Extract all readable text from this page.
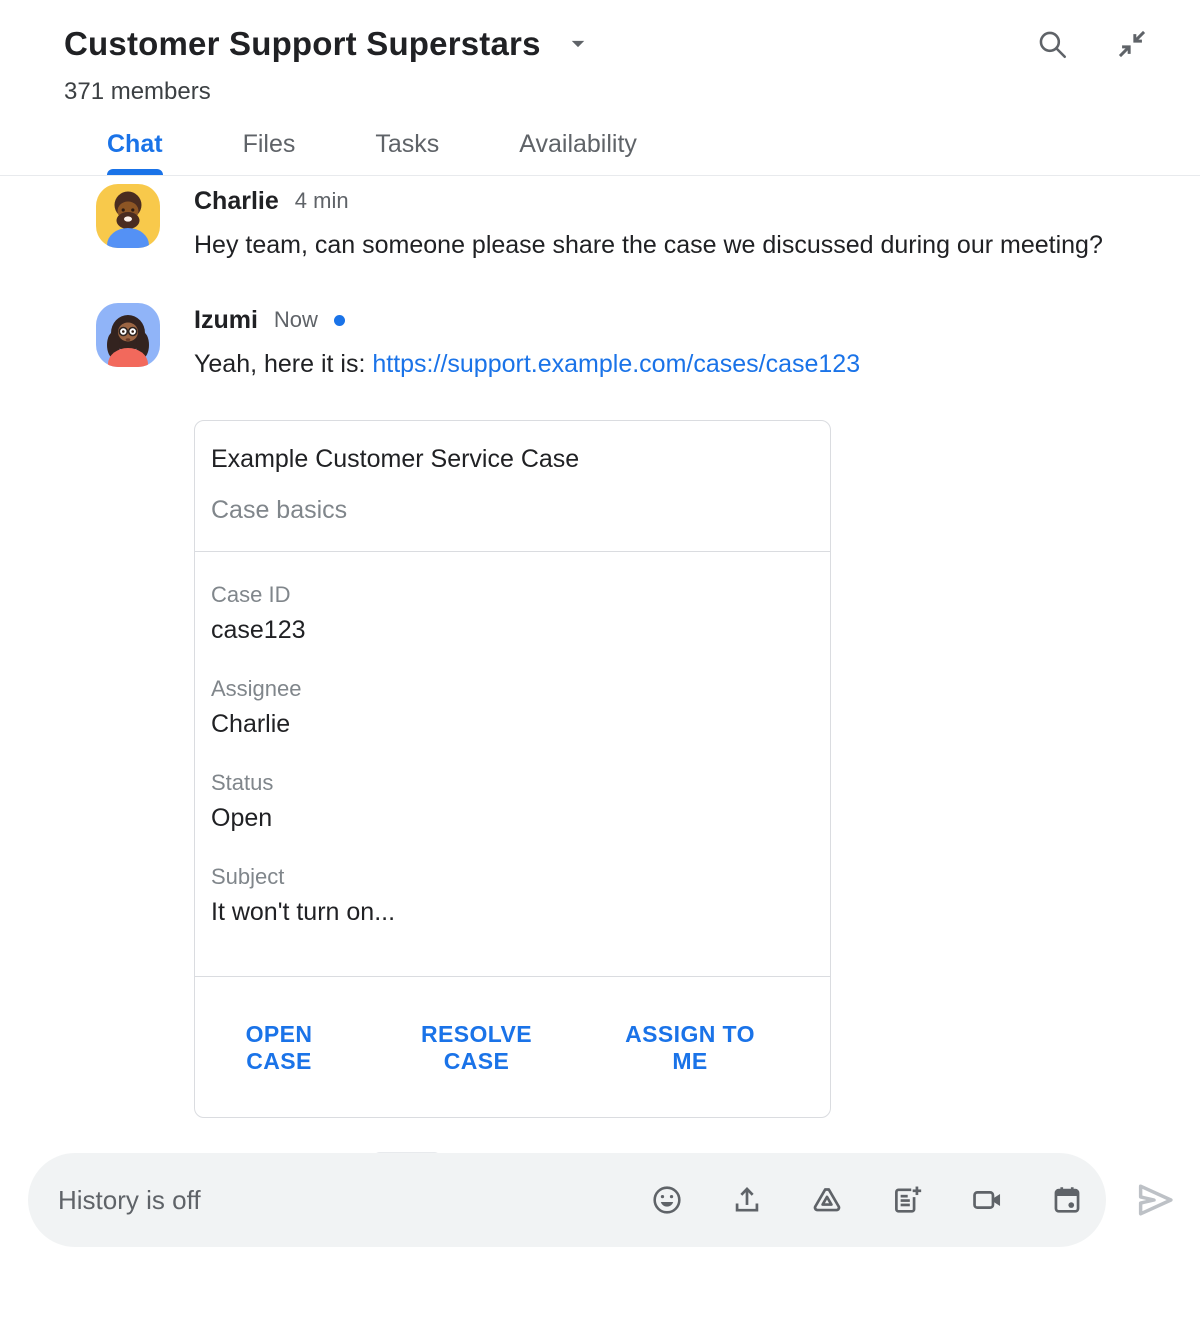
Customer Support Superstars
371 members
Chat	Files	Tasks	Availability
Charlie 4 min
Hey team, can someone please share the case we discussed during our meeting?
Izumi Now
Yeah, here it is: https://support.example.com/cases/case123
Example Customer Service Case
Case basics
Case ID
case123
Assignee
Charlie
Status
Open
Subject
It won't turn on...
OPEN CASE
RESOLVE CASE
ASSIGN TO ME
History is off
